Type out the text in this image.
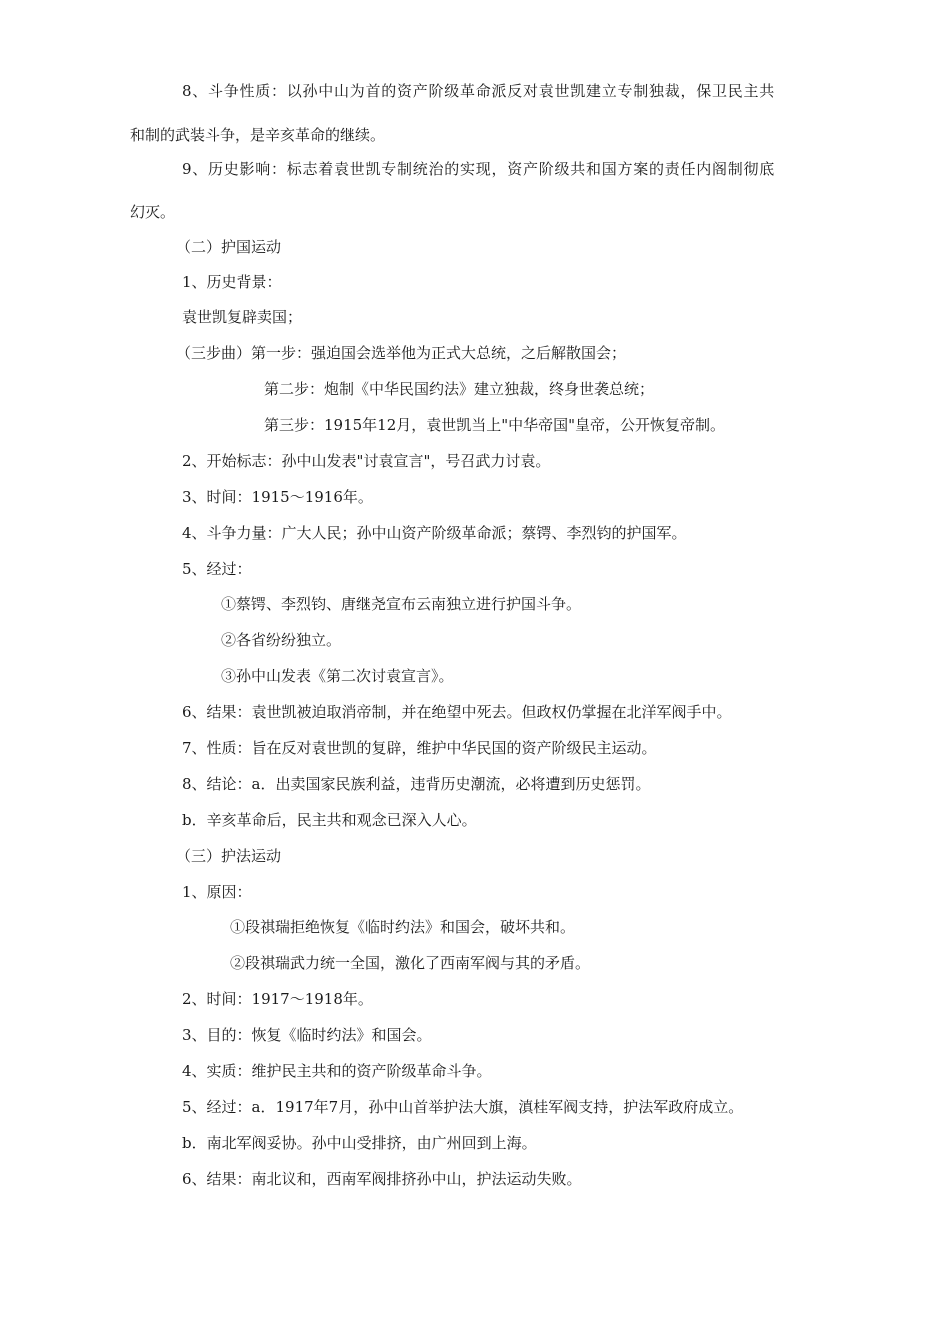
8、斗争性质：以孙中山为首的资产阶级革命派反对袁世凯建立专制独裁，保卫民主共

和制的武装斗争，是辛亥革命的继续。

9、历史影响：标志着袁世凯专制统治的实现，资产阶级共和国方案的责任内阁制彻底

幻灭。

（二）护国运动

1、历史背景：

袁世凯复辟卖国；

（三步曲）第一步：强迫国会选举他为正式大总统，之后解散国会；

第二步：炮制《中华民国约法》建立独裁，终身世袭总统；

第三步：1915年12月，袁世凯当上"中华帝国"皇帝，公开恢复帝制。

2、开始标志：孙中山发表"讨袁宣言"，号召武力讨袁。

3、时间：1915～1916年。

4、斗争力量：广大人民；孙中山资产阶级革命派；蔡锷、李烈钧的护国军。

5、经过：

①蔡锷、李烈钧、唐继尧宣布云南独立进行护国斗争。

②各省纷纷独立。

③孙中山发表《第二次讨袁宣言》。

6、结果：袁世凯被迫取消帝制，并在绝望中死去。但政权仍掌握在北洋军阀手中。

7、性质：旨在反对袁世凯的复辟，维护中华民国的资产阶级民主运动。

8、结论：a．出卖国家民族利益，违背历史潮流，必将遭到历史惩罚。

b．辛亥革命后，民主共和观念已深入人心。

（三）护法运动

1、原因：

①段祺瑞拒绝恢复《临时约法》和国会，破坏共和。

②段祺瑞武力统一全国，激化了西南军阀与其的矛盾。

2、时间：1917～1918年。

3、目的：恢复《临时约法》和国会。

4、实质：维护民主共和的资产阶级革命斗争。

5、经过：a．1917年7月，孙中山首举护法大旗，滇桂军阀支持，护法军政府成立。

b．南北军阀妥协。孙中山受排挤，由广州回到上海。

6、结果：南北议和，西南军阀排挤孙中山，护法运动失败。
